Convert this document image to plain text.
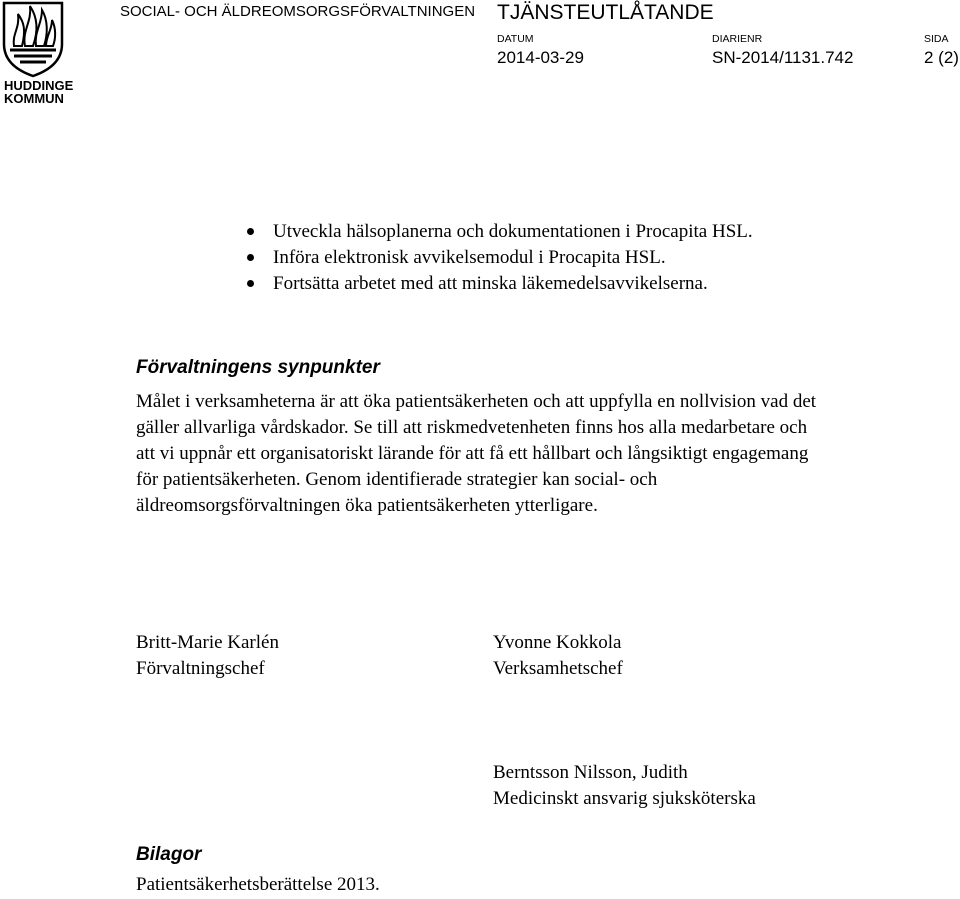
HUDDINGE
KOMMUN
SOCIAL- OCH ÄLDREOMSORGSFÖRVALTNINGEN TJÄNSTEUTLÅTANDE
DATUM
2014-03-29
DIARIENR
SN-2014/1131.742
SIDA
2 (2)
Utveckla hälsoplanerna och dokumentationen i Procapita HSL.
Införa elektronisk avvikelsemodul i Procapita HSL.
Fortsätta arbetet med att minska läkemedelsavvikelserna.
Förvaltningens synpunkter
Målet i verksamheterna är att öka patientsäkerheten och att uppfylla en nollvision vad det gäller allvarliga vårdskador. Se till att riskmedvetenheten finns hos alla medarbetare och att vi uppnår ett organisatoriskt lärande för att få ett hållbart och långsiktigt engagemang för patientsäkerheten. Genom identifierade strategier kan social- och äldreomsorgsförvaltningen öka patientsäkerheten ytterligare.
Britt-Marie Karlén
Förvaltningschef
Yvonne Kokkola
Verksamhetschef
Berntsson Nilsson, Judith
Medicinskt ansvarig sjuksköterska
Bilagor
Patientsäkerhetsberättelse 2013.
